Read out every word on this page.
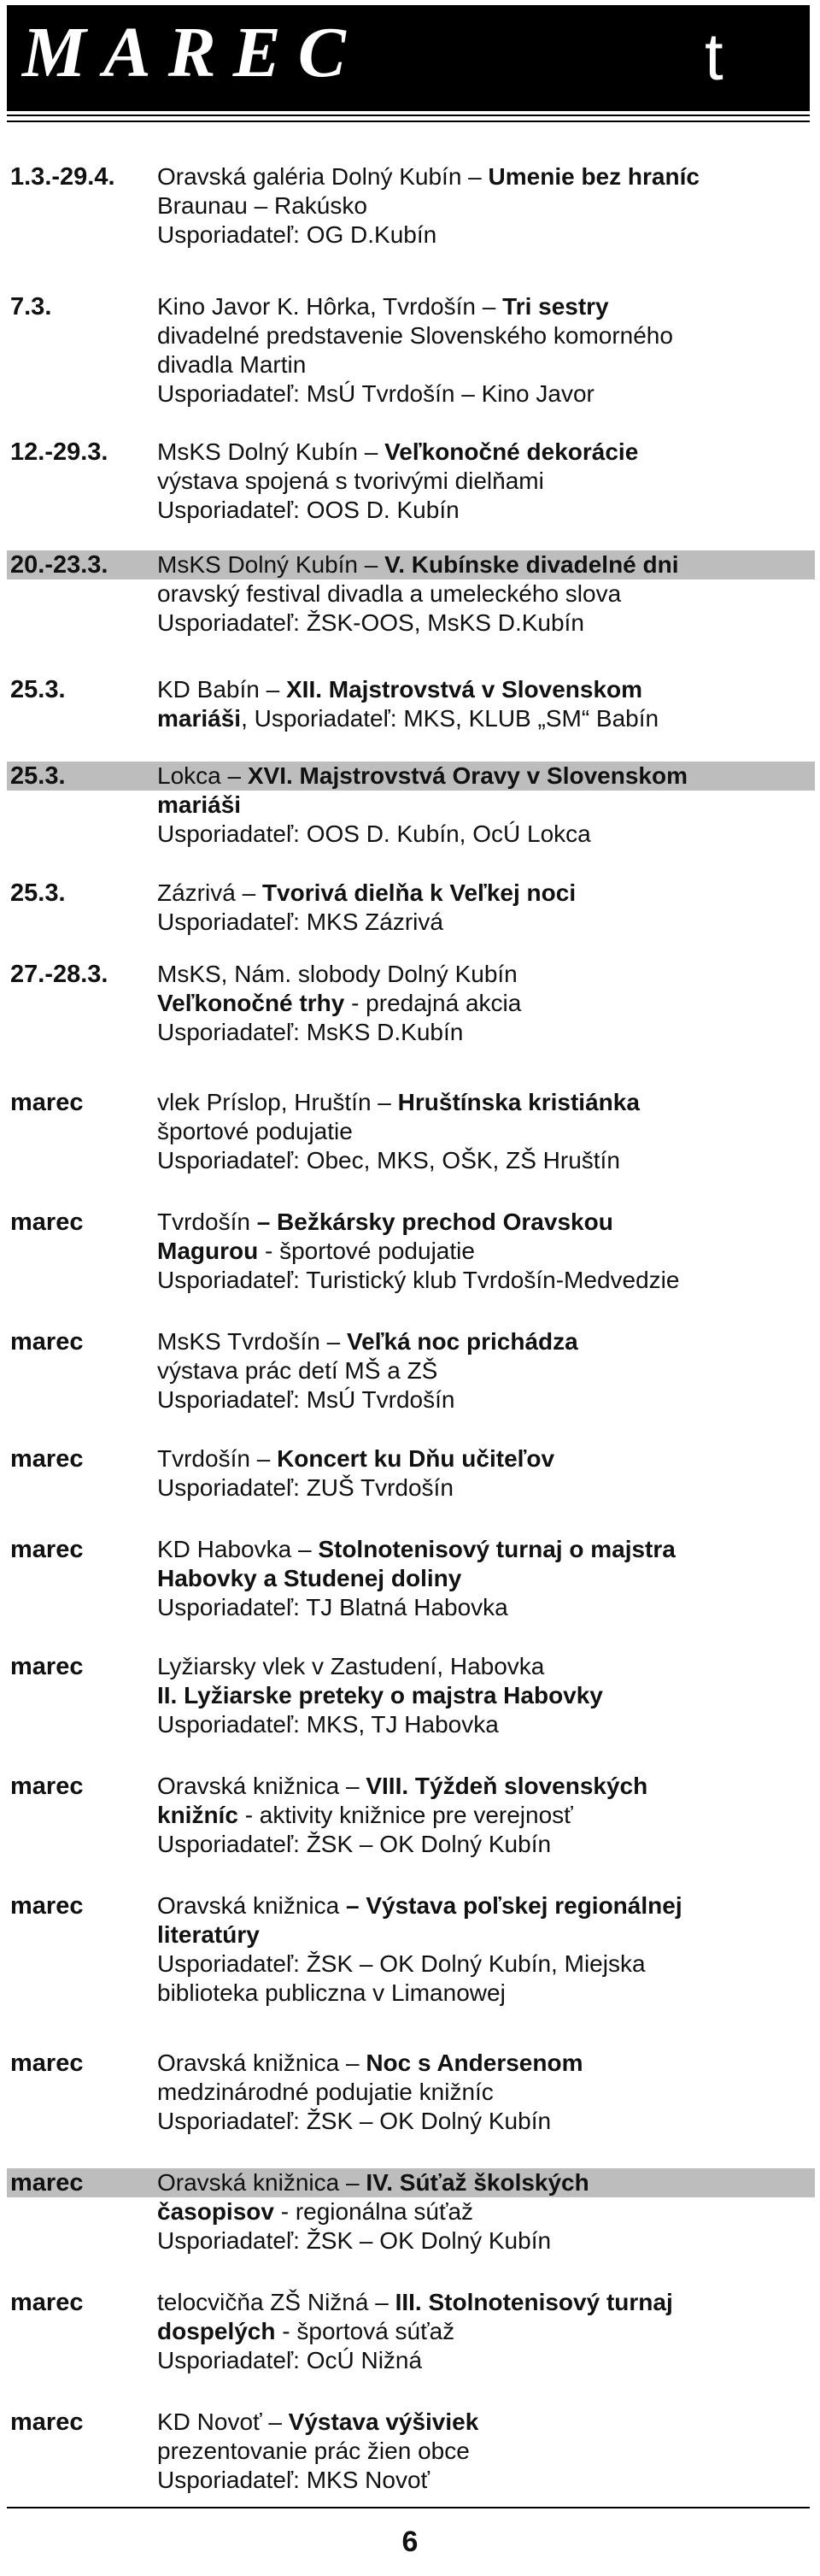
MAREC	t
1.3.-29.4. Oravská galéria Dolný Kubín – Umenie bez hraníc
Braunau – Rakúsko
Usporiadateľ: OG D.Kubín
7.3.	Kino Javor K. Hôrka, Tvrdošín – Tri sestry
divadelné predstavenie Slovenského komorného
divadla Martin
Usporiadateľ: MsÚ Tvrdošín – Kino Javor
12.-29.3. MsKS Dolný Kubín – Veľkonočné dekorácie
výstava spojená s tvorivými dielňami
Usporiadateľ: OOS D. Kubín
20.-23.3. MsKS Dolný Kubín – V. Kubínske divadelné dni
oravský festival divadla a umeleckého slova
Usporiadateľ: ŽSK-OOS, MsKS D.Kubín
25.3.	KD Babín – XII. Majstrovstvá v Slovenskom
mariáši, Usporiadateľ: MKS, KLUB „SM“ Babín
25.3.	Lokca – XVI. Majstrovstvá Oravy v Slovenskom
mariáši
Usporiadateľ: OOS D. Kubín, OcÚ Lokca
25.3.	Zázrivá – Tvorivá dielňa k Veľkej noci
Usporiadateľ: MKS Zázrivá
27.-28.3. MsKS, Nám. slobody Dolný Kubín
Veľkonočné trhy - predajná akcia
Usporiadateľ: MsKS D.Kubín
marec	vlek Príslop, Hruštín – Hruštínska kristiánka
športové podujatie
Usporiadateľ: Obec, MKS, OŠK, ZŠ Hruštín
marec	Tvrdošín – Bežkársky prechod Oravskou
Magurou - športové podujatie
Usporiadateľ: Turistický klub Tvrdošín-Medvedzie
marec	MsKS Tvrdošín – Veľká noc prichádza
výstava prác detí MŠ a ZŠ
Usporiadateľ: MsÚ Tvrdošín
marec	Tvrdošín – Koncert ku Dňu učiteľov
Usporiadateľ: ZUŠ Tvrdošín
marec	KD Habovka – Stolnotenisový turnaj o majstra
Habovky a Studenej doliny
Usporiadateľ: TJ Blatná Habovka
marec	Lyžiarsky vlek v Zastudení, Habovka
II. Lyžiarske preteky o majstra Habovky
Usporiadateľ: MKS, TJ Habovka
marec	Oravská knižnica – VIII. Týždeň slovenských
knižníc - aktivity knižnice pre verejnosť
Usporiadateľ: ŽSK – OK Dolný Kubín
marec	Oravská knižnica – Výstava poľskej regionálnej
literatúry
Usporiadateľ: ŽSK – OK Dolný Kubín, Miejska
biblioteka publiczna v Limanowej
marec	Oravská knižnica – Noc s Andersenom
medzinárodné podujatie knižníc
Usporiadateľ: ŽSK – OK Dolný Kubín
marec	Oravská knižnica – IV. Súťaž školských
časopisov - regionálna súťaž
Usporiadateľ: ŽSK – OK Dolný Kubín
marec	telocvičňa ZŠ Nižná – III. Stolnotenisový turnaj
dospelých - športová súťaž
Usporiadateľ: OcÚ Nižná
marec	KD Novoť – Výstava výšiviek
prezentovanie prác žien obce
Usporiadateľ: MKS Novoť
6
